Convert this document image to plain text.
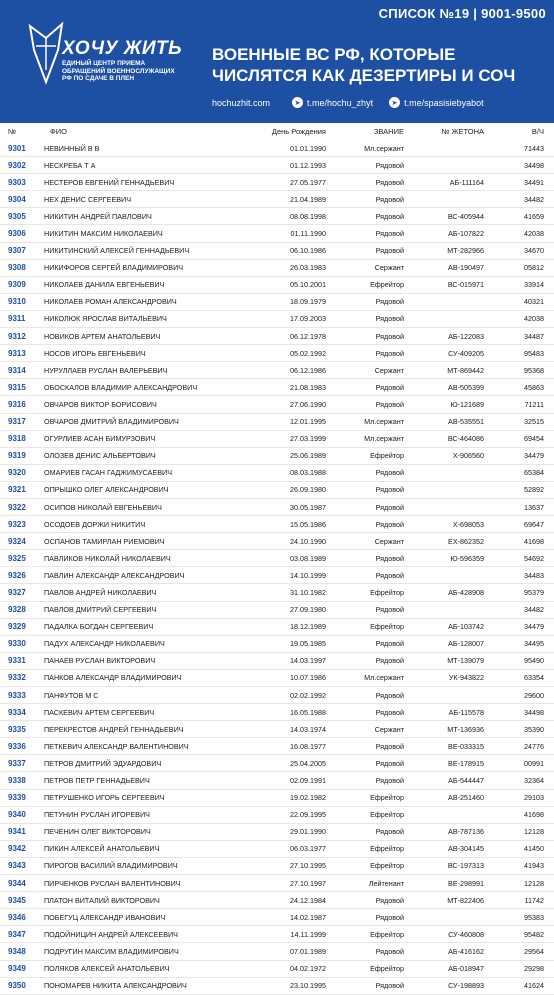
СПИСОК №19 | 9001-9500
ХОЧУ ЖИТЬ
ЕДИНЫЙ ЦЕНТР ПРИЕМА ОБРАЩЕНИЙ ВОЕННОСЛУЖАЩИХ РФ ПО СДАЧЕ В ПЛЕН
ВОЕННЫЕ ВС РФ, КОТОРЫЕ ЧИСЛЯТСЯ КАК ДЕЗЕРТИРЫ И СОЧ
hochuzhit.com	➤ t.me/hochu_zhyt	➤ t.me/spasisiebyabot
№	ФИО	День Рождения	ЗВАНИЕ	№ ЖЕТОНА	В/Ч
9301	НЕВИННЫЙ В В	01.01.1990	Мл.сержант		71443
9302	НЕСКРЕБА Т А	01.12.1993	Рядовой		34498
9303	НЕСТЕРОВ ЕВГЕНИЙ ГЕННАДЬЕВИЧ	27.05.1977	Рядовой	АБ-111164	34491
9304	НЕХ ДЕНИС СЕРГЕЕВИЧ	21.04.1989	Рядовой		34482
9305	НИКИТИН АНДРЕЙ ПАВЛОВИЧ	08.08.1998	Рядовой	ВС-405944	41659
9306	НИКИТИН МАКСИМ НИКОЛАЕВИЧ	01.11.1990	Рядовой	АБ-107822	42038
9307	НИКИТИНСКИЙ АЛЕКСЕЙ ГЕННАДЬЕВИЧ	06.10.1986	Рядовой	МТ-282966	34670
9308	НИКИФОРОВ СЕРГЕЙ ВЛАДИМИРОВИЧ	26.03.1983	Сержант	АВ-190497	05812
9309	НИКОЛАЕВ ДАНИЛА ЕВГЕНЬЕВИЧ	05.10.2001	Ефрейтор	ВС-015971	33914
9310	НИКОЛАЕВ РОМАН АЛЕКСАНДРОВИЧ	18.09.1979	Рядовой		40321
9311	НИКОЛЮК ЯРОСЛАВ ВИТАЛЬЕВИЧ	17.09.2003	Рядовой		42038
9312	НОВИКОВ АРТЕМ АНАТОЛЬЕВИЧ	06.12.1978	Рядовой	АБ-122083	34487
9313	НОСОВ ИГОРЬ ЕВГЕНЬЕВИЧ	05.02.1992	Рядовой	СУ-409205	95483
9314	НУРУЛЛАЕВ РУСЛАН ВАЛЕРЬЕВИЧ	06.12.1986	Сержант	МТ-869442	95368
9315	ОБОСКАЛОВ ВЛАДИМИР АЛЕКСАНДРОВИЧ	21.08.1983	Рядовой	АВ-505399	45863
9316	ОВЧАРОВ ВИКТОР БОРИСОВИЧ	27.06.1990	Рядовой	Ю-121689	71211
9317	ОВЧАРОВ ДМИТРИЙ ВЛАДИМИРОВИЧ	12.01.1995	Мл.сержант	АВ-535551	32515
9318	ОГУРЛИЕВ АСАН БИМУРЗОВИЧ	27.03.1999	Мл.сержант	ВС-464086	69454
9319	ОЛОЗЕВ ДЕНИС АЛЬБЕРТОВИЧ	25.06.1989	Ефрейтор	Х-906560	34479
9320	ОМАРИЕВ ГАСАН ГАДЖИМУСАЕВИЧ	08.03.1988	Рядовой		65384
9321	ОПРЫШКО ОЛЕГ АЛЕКСАНДРОВИЧ	26.09.1980	Рядовой		52892
9322	ОСИПОВ НИКОЛАЙ ЕВГЕНЬЕВИЧ	30.05.1987	Рядовой		13637
9323	ОСОДОЕВ ДОРЖИ НИКИТИЧ	15.05.1986	Рядовой	Х-698053	69647
9324	ОСПАНОВ ТАМИРЛАН РИЕМОВИЧ	24.10.1990	Сержант	ЕХ-862352	41698
9325	ПАВЛИКОВ НИКОЛАЙ НИКОЛАЕВИЧ	03.08.1989	Рядовой	Ю-596359	54692
9326	ПАВЛИН АЛЕКСАНДР АЛЕКСАНДРОВИЧ	14.10.1999	Рядовой		34483
9327	ПАВЛОВ АНДРЕЙ НИКОЛАЕВИЧ	31.10.1982	Ефрейтор	АБ-428908	95379
9328	ПАВЛОВ ДМИТРИЙ СЕРГЕЕВИЧ	27.09.1980	Рядовой		34482
9329	ПАДАЛКА БОГДАН СЕРГЕЕВИЧ	18.12.1989	Ефрейтор	АБ-103742	34479
9330	ПАДУХ АЛЕКСАНДР НИКОЛАЕВИЧ	19.05.1985	Рядовой	АБ-128007	34495
9331	ПАНАЕВ РУСЛАН ВИКТОРОВИЧ	14.03.1997	Рядовой	МТ-139079	95490
9332	ПАНКОВ АЛЕКСАНДР ВЛАДИМИРОВИЧ	10.07.1986	Мл.сержант	УК-943822	63354
9333	ПАНФУТОВ М С	02.02.1992	Рядовой		29600
9334	ПАСКЕВИЧ АРТЕМ СЕРГЕЕВИЧ	16.05.1988	Рядовой	АБ-115578	34498
9335	ПЕРЕКРЕСТОВ АНДРЕЙ ГЕННАДЬЕВИЧ	14.03.1974	Сержант	МТ-136936	35390
9336	ПЕТКЕВИЧ АЛЕКСАНДР ВАЛЕНТИНОВИЧ	16.08.1977	Рядовой	ВЕ-033315	24776
9337	ПЕТРОВ ДМИТРИЙ ЭДУАРДОВИЧ	25.04.2005	Рядовой	ВЕ-178915	00991
9338	ПЕТРОВ ПЕТР ГЕННАДЬЕВИЧ	02.09.1991	Рядовой	АБ-544447	32364
9339	ПЕТРУШЕНКО ИГОРЬ СЕРГЕЕВИЧ	19.02.1982	Ефрейтор	АВ-251460	29103
9340	ПЕТУНИН РУСЛАН ИГОРЕВИЧ	22.09.1995	Ефрейтор		41698
9341	ПЕЧЕНИН ОЛЕГ ВИКТОРОВИЧ	29.01.1990	Рядовой	АВ-787136	12128
9342	ПИКИН АЛЕКСЕЙ АНАТОЛЬЕВИЧ	06.03.1977	Ефрейтор	АВ-304145	41450
9343	ПИРОГОВ ВАСИЛИЙ ВЛАДИМИРОВИЧ	27.10.1995	Ефрейтор	ВС-197313	41943
9344	ПИРЧЕНКОВ РУСЛАН ВАЛЕНТИНОВИЧ	27.10.1997	Лейтенант	ВЕ-298991	12128
9345	ПЛАТОН ВИТАЛИЙ ВИКТОРОВИЧ	24.12.1984	Рядовой	МТ-822406	11742
9346	ПОБЕГУЦ АЛЕКСАНДР ИВАНОВИЧ	14.02.1987	Рядовой		95383
9347	ПОДОЙНИЦИН АНДРЕЙ АЛЕКСЕЕВИЧ	14.11.1999	Ефрейтор	СУ-460808	95482
9348	ПОДРУГИН МАКСИМ ВЛАДИМИРОВИЧ	07.01.1989	Рядовой	АБ-416162	29564
9349	ПОЛЯКОВ АЛЕКСЕЙ АНАТОЛЬЕВИЧ	04.02.1972	Ефрейтор	АБ-018947	29298
9350	ПОНОМАРЕВ НИКИТА АЛЕКСАНДРОВИЧ	23.10.1995	Рядовой	СУ-198893	41624
